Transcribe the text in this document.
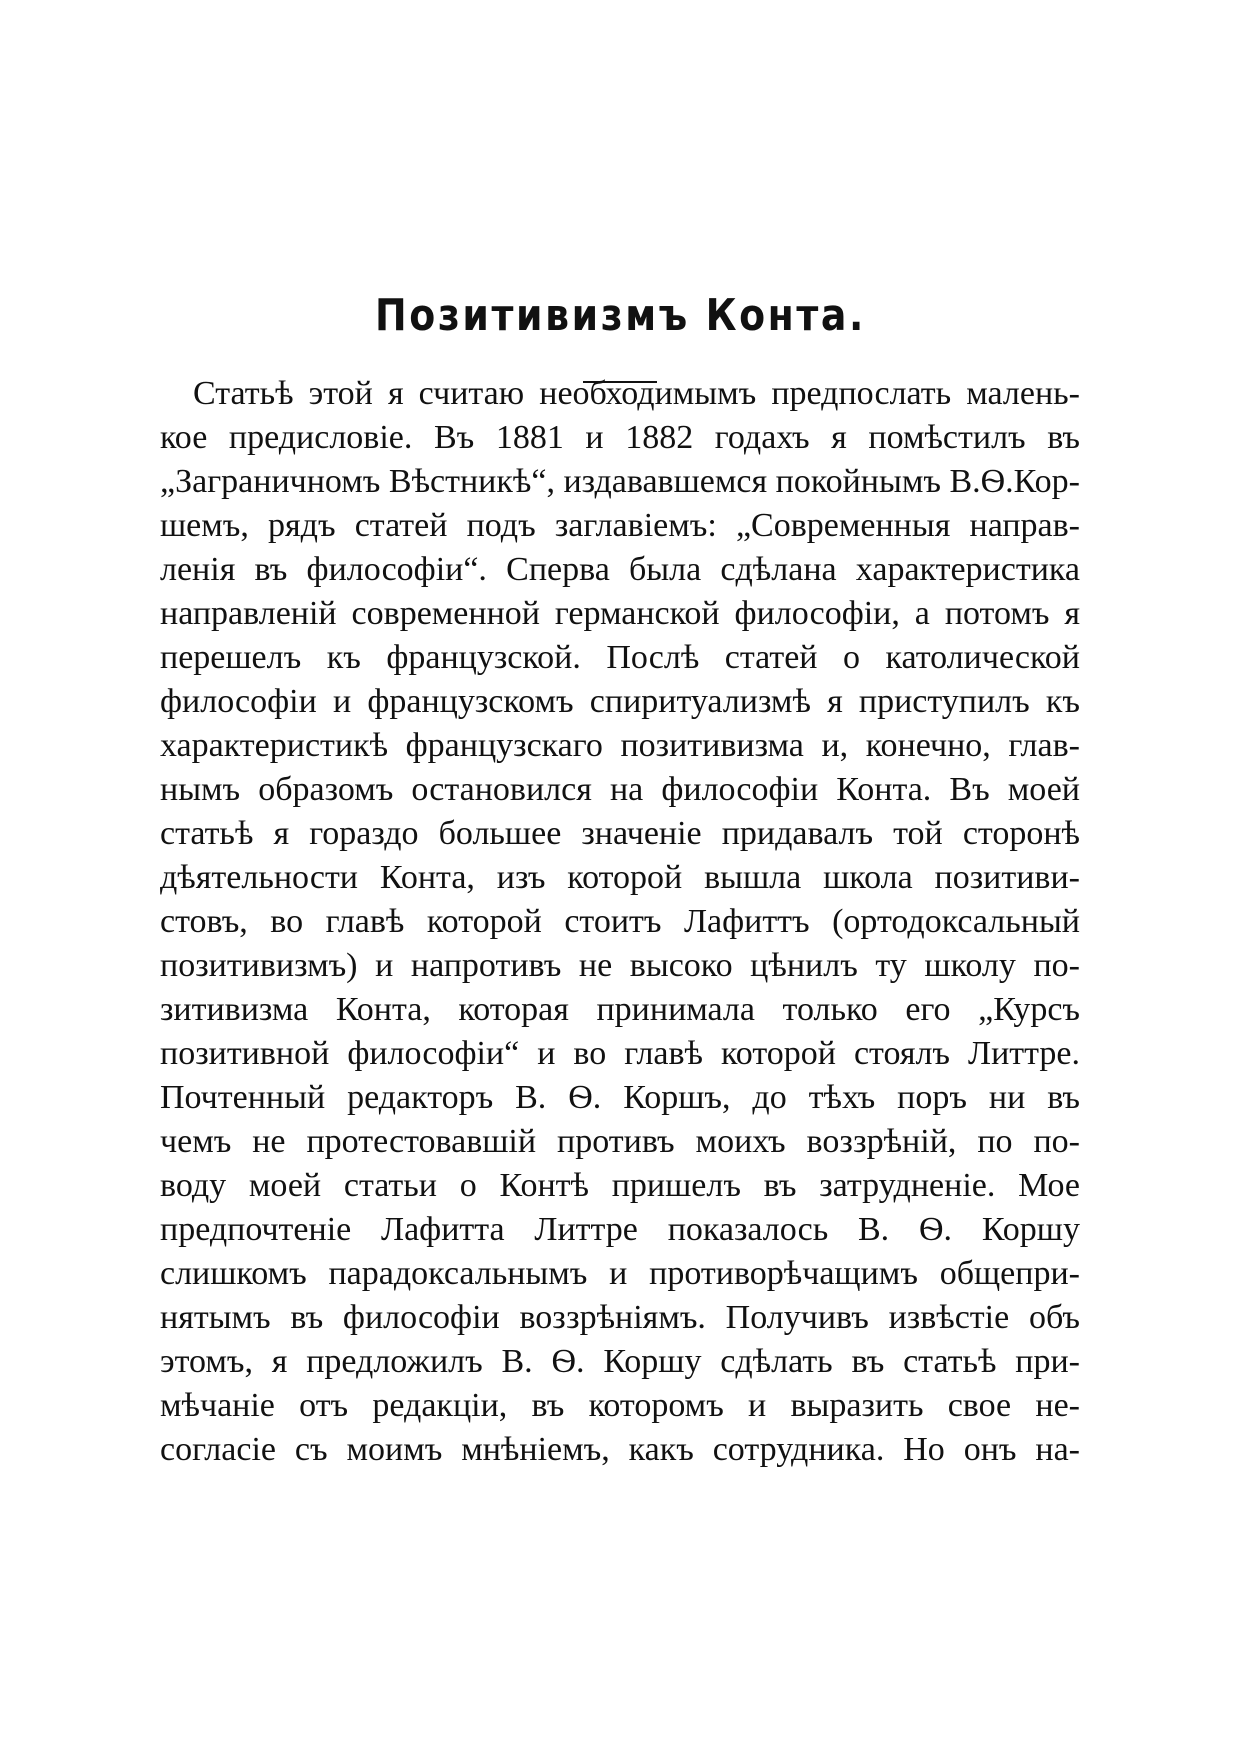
Позитивизмъ Конта.
Статьѣ этой я считаю необходимымъ предпослать малень-
кое предисловіе. Въ 1881 и 1882 годахъ я помѣстилъ въ
„Заграничномъ Вѣстникѣ“, издававшемся покойнымъ В.Ѳ.Кор-
шемъ, рядъ статей подъ заглавіемъ: „Современныя направ-
ленія въ философіи“. Сперва была сдѣлана характеристика
направленій современной германской философіи, а потомъ я
перешелъ къ французской. Послѣ статей о католической
философіи и французскомъ спиритуализмѣ я приступилъ къ
характеристикѣ французскаго позитивизма и, конечно, глав-
нымъ образомъ остановился на философіи Конта. Въ моей
статьѣ я гораздо большее значеніе придавалъ той сторонѣ
дѣятельности Конта, изъ которой вышла школа позитиви-
стовъ, во главѣ которой стоитъ Лафиттъ (ортодоксальный
позитивизмъ) и напротивъ не высоко цѣнилъ ту школу по-
зитивизма Конта, которая принимала только его „Курсъ
позитивной философіи“ и во главѣ которой стоялъ Литтре.
Почтенный редакторъ В. Ѳ. Коршъ, до тѣхъ поръ ни въ
чемъ не протестовавшій противъ моихъ воззрѣній, по по-
воду моей статьи о Контѣ пришелъ въ затрудненіе. Мое
предпочтеніе Лафитта Литтре показалось В. Ѳ. Коршу
слишкомъ парадоксальнымъ и противорѣчащимъ общепри-
нятымъ въ философіи воззрѣніямъ. Получивъ извѣстіе объ
этомъ, я предложилъ В. Ѳ. Коршу сдѣлать въ статьѣ при-
мѣчаніе отъ редакціи, въ которомъ и выразить свое не-
согласіе съ моимъ мнѣніемъ, какъ сотрудника. Но онъ на-
